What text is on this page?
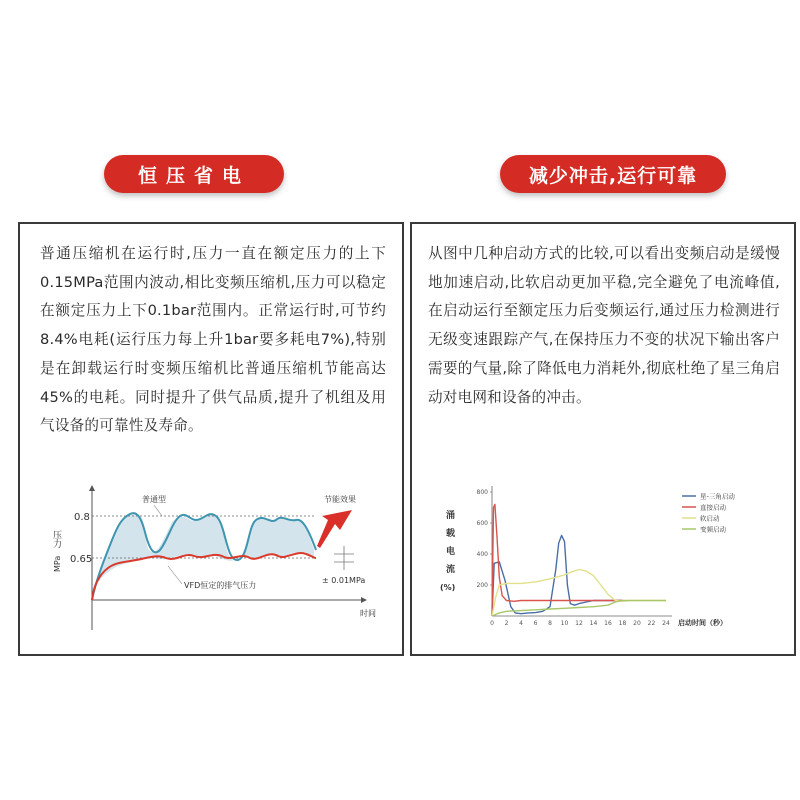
恒压省电	减少冲击,运行可靠
普通压缩机在运行时,压力一直在额定压力的上下0.15MPa范围内波动,相比变频压缩机,压力可以稳定在额定压力上下0.1bar范围内。正常运行时,可节约8.4%电耗(运行压力每上升1bar要多耗电7%),特别是在卸载运行时变频压缩机比普通压缩机节能高达45%的电耗。同时提升了供气品质,提升了机组及用气设备的可靠性及寿命。
压力
MPa
0.8
0.65
时间
普通型	节能效果
VFD恒定的排气压力
± 0.01MPa
从图中几种启动方式的比较,可以看出变频启动是缓慢地加速启动,比软启动更加平稳,完全避免了电流峰值,在启动运行至额定压力后变频运行,通过压力检测进行无级变速跟踪产气,在保持压力不变的状况下输出客户需要的气量,除了降低电力消耗外,彻底杜绝了星三角启动对电网和设备的冲击。
涌
载
电
流
(%)
800
600
400
200
0 2 4 6 8 10 12 14 16 18 20 22 24 启动时间（秒）
星-三角启动
直接启动
软启动
变频启动
